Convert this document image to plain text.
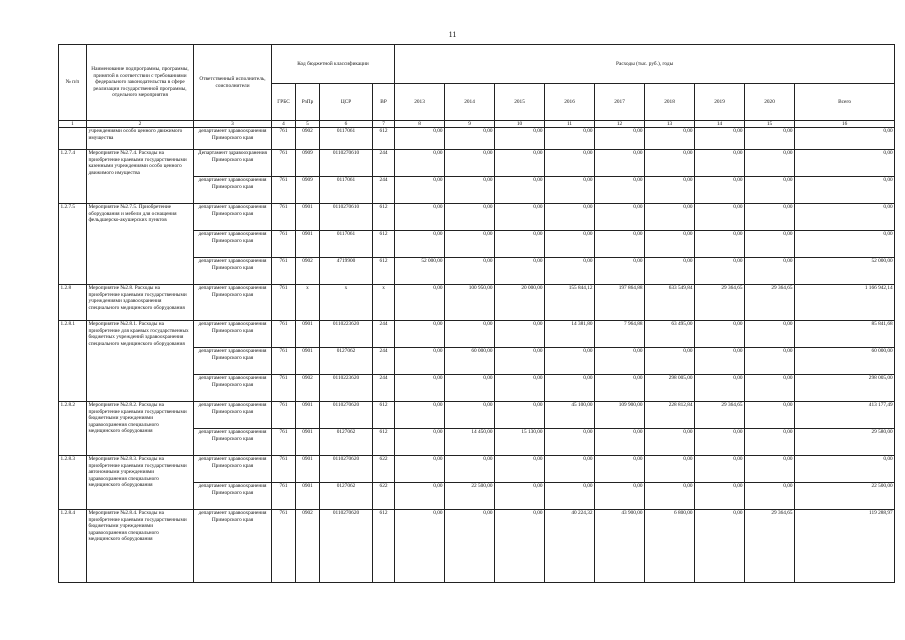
11
№ п/п	Наименование подпрограммы, программы, принятой в соответствии с требованиями федерального законодательства в сфере реализации государственной программы, отдельного мероприятия	Ответственный исполнитель, соисполнители	Код бюджетной классификации				Расходы (тыс. руб.), годы								
			ГРБС	РзПр	ЦСР	ВР	2013	2014	2015	2016	2017	2018	2019	2020	Всего
1	2	3	4	5	6	7	8	9	10	11	12	13	14	15	16
	учреждениями особо ценного движимого имущества	департамент здравоохранения Приморского края	761	0902	0117061	612	0,00	0,00	0,00	0,00	0,00	0,00	0,00	0,00	0,00
1.2.7.4	Мероприятие №2.7.4. Расходы на приобретение краевыми государственными казенными учреждениями особо ценного движимого имущества	Департамент здравоохранения Приморского края	761	0909	0110270610	244	0,00	0,00	0,00	0,00	0,00	0,00	0,00	0,00	0,00
		департамент здравоохранения Приморского края	761	0909	0117061	244	0,00	0,00	0,00	0,00	0,00	0,00	0,00	0,00	0,00
1.2.7.5	Мероприятие №2.7.5. Приобретение оборудования и мебели для оснащения фельдшерско-акушерских пунктов	департамент здравоохранения Приморского края	761	0901	0110270610	612	0,00	0,00	0,00	0,00	0,00	0,00	0,00	0,00	0,00
		департамент здравоохранения Приморского края	761	0901	0117061	612	0,00	0,00	0,00	0,00	0,00	0,00	0,00	0,00	0,00
		департамент здравоохранения Приморского края	761	0902	4719900	612	52 000,00	0,00	0,00	0,00	0,00	0,00	0,00	0,00	52 000,00
1.2.8	Мероприятие №2.8. Расходы на приобретение краевыми государственными учреждениями здравоохранения специального медицинского оборудования	департамент здравоохранения Приморского края	761	x	x	x	0,00	100 950,00	20 000,00	155 844,12	197 864,88	633 549,84	29 364,65	29 364,65	1 166 942,14
1.2.8.1	Мероприятие №2.8.1. Расходы на приобретение для краевых государственных бюджетных учреждений здравоохранения специального медицинского оборудования	департамент здравоохранения Приморского края	761	0901	0110223620	244	0,00	0,00	0,00	14 381,80	7 964,88	63 495,00	0,00	0,00	85 841,68
		департамент здравоохранения Приморского края	761	0901	0127062	244	0,00	60 000,00	0,00	0,00	0,00	0,00	0,00	0,00	60 000,00
		департамент здравоохранения Приморского края	761	0902	0110223620	244	0,00	0,00	0,00	0,00	0,00	298 005,00	0,00	0,00	298 005,00
1.2.8.2	Мероприятие №2.8.2. Расходы на приобретение краевыми государственными бюджетными учреждениями здравоохранения специального медицинского оборудования	департамент здравоохранения Приморского края	761	0901	0110270620	612	0,00	0,00	0,00	45 100,00	109 900,00	228 812,84	29 364,65	0,00	413 177,49
		департамент здравоохранения Приморского края	761	0901	0127062	612	0,00	14 450,00	15 130,00	0,00	0,00	0,00	0,00	0,00	29 580,00
1.2.8.3	Мероприятие №2.8.3. Расходы на приобретение краевыми государственными автономными учреждениями здравоохранения специального медицинского оборудования	департамент здравоохранения Приморского края	761	0901	0110270620	622	0,00	0,00	0,00	0,00	0,00	0,00	0,00	0,00	0,00
		департамент здравоохранения Приморского края	761	0901	0127062	622	0,00	22 500,00	0,00	0,00	0,00	0,00	0,00	0,00	22 500,00
1.2.8.4	Мероприятие №2.8.4. Расходы на приобретение краевыми государственными бюджетными учреждениями здравоохранения специального медицинского оборудования	департамент здравоохранения Приморского края	761	0902	0110270620	612	0,00	0,00	0,00	40 224,32	43 900,00	6 800,00	0,00	29 364,65	119 288,97
